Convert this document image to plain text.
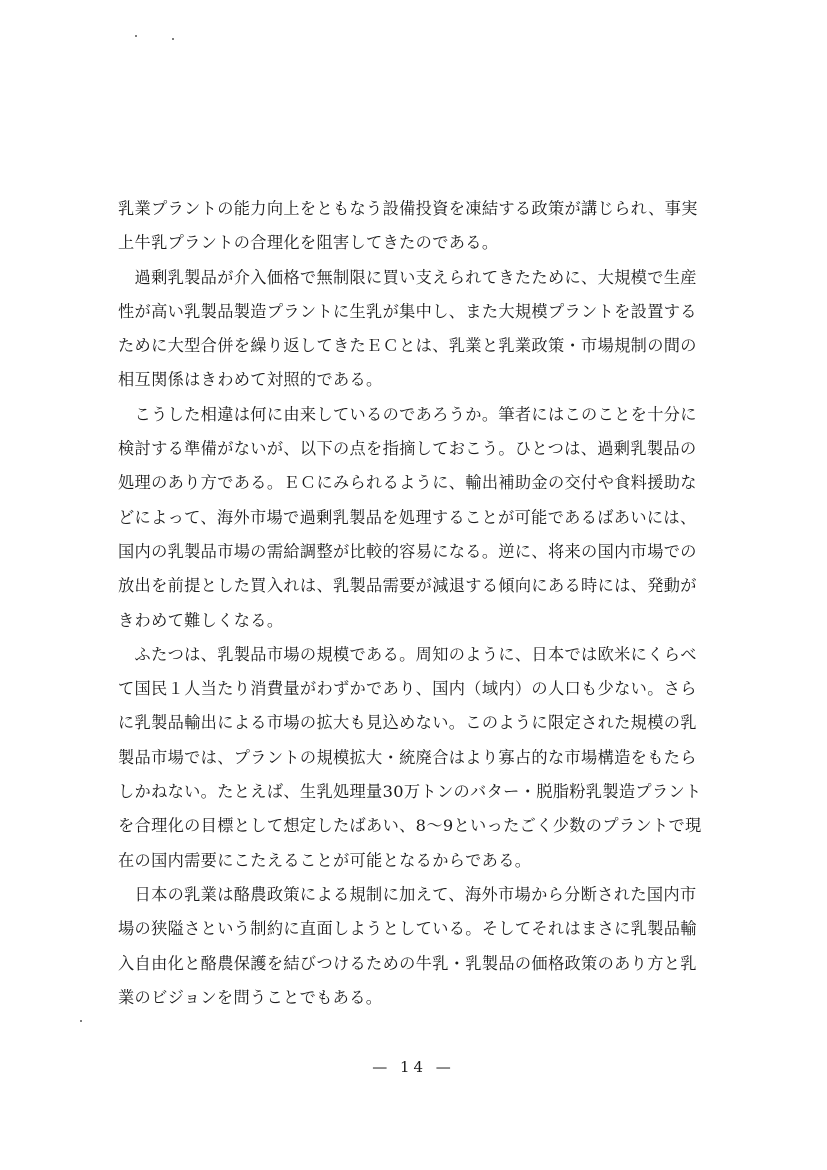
乳業プラントの能力向上をともなう設備投資を凍結する政策が講じられ、事実
上牛乳プラントの合理化を阻害してきたのである。
　過剰乳製品が介入価格で無制限に買い支えられてきたために、大規模で生産
性が高い乳製品製造プラントに生乳が集中し、また大規模プラントを設置する
ために大型合併を繰り返してきたＥＣとは、乳業と乳業政策・市場規制の間の
相互関係はきわめて対照的である。
　こうした相違は何に由来しているのであろうか。筆者にはこのことを十分に
検討する準備がないが、以下の点を指摘しておこう。ひとつは、過剰乳製品の
処理のあり方である。ＥＣにみられるように、輸出補助金の交付や食料援助な
どによって、海外市場で過剰乳製品を処理することが可能であるばあいには、
国内の乳製品市場の需給調整が比較的容易になる。逆に、将来の国内市場での
放出を前提とした買入れは、乳製品需要が減退する傾向にある時には、発動が
きわめて難しくなる。
　ふたつは、乳製品市場の規模である。周知のように、日本では欧米にくらべ
て国民１人当たり消費量がわずかであり、国内（域内）の人口も少ない。さら
に乳製品輸出による市場の拡大も見込めない。このように限定された規模の乳
製品市場では、プラントの規模拡大・統廃合はより寡占的な市場構造をもたら
しかねない。たとえば、生乳処理量30万トンのバター・脱脂粉乳製造プラント
を合理化の目標として想定したばあい、8～9といったごく少数のプラントで現
在の国内需要にこたえることが可能となるからである。
　日本の乳業は酪農政策による規制に加えて、海外市場から分断された国内市
場の狭隘さという制約に直面しようとしている。そしてそれはまさに乳製品輸
入自由化と酪農保護を結びつけるための牛乳・乳製品の価格政策のあり方と乳
業のビジョンを問うことでもある。
— 14 —
